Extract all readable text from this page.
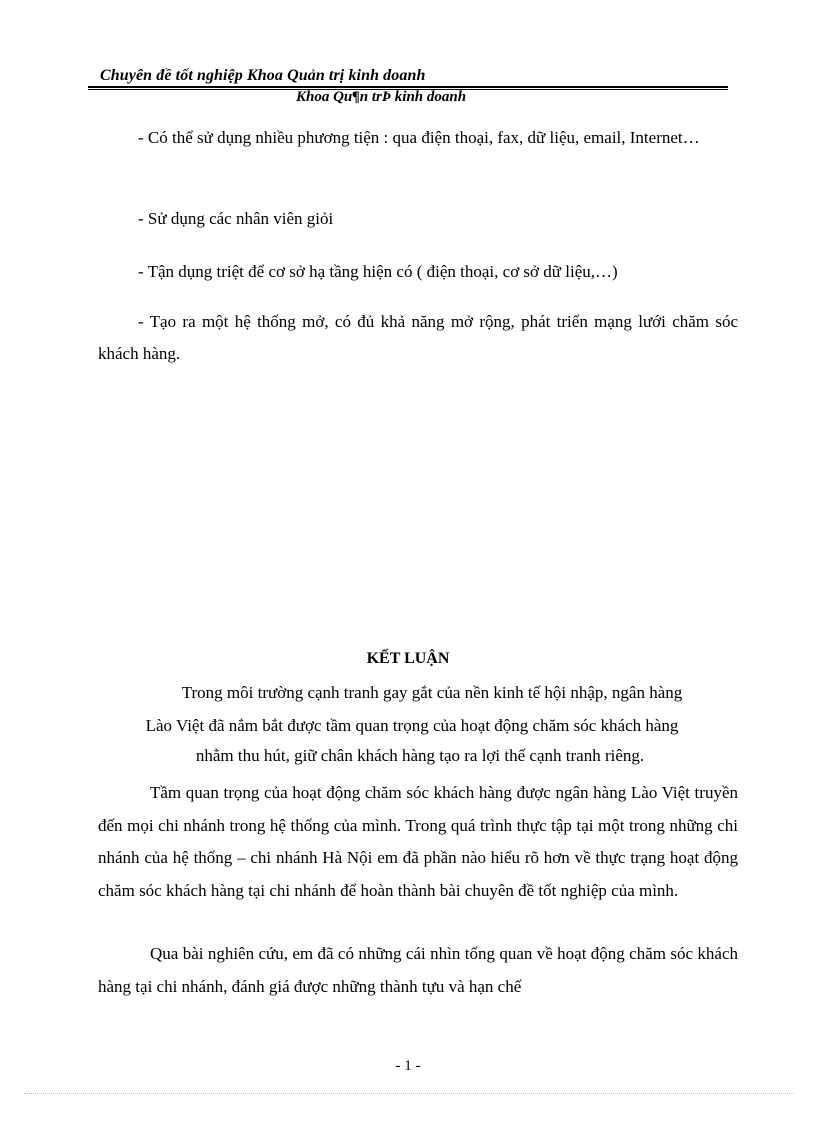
Chuyên đề tốt nghiệp Khoa Quản trị kinh doanh
Khoa Qu¶n trÞ kinh doanh

- Có thể sử dụng nhiều phương tiện : qua điện thoại, fax, dữ liệu, email, Internet…

- Sử dụng các nhân viên giỏi

- Tận dụng triệt để cơ sở hạ tầng hiện có ( điện thoại, cơ sở dữ liệu,…)

- Tạo ra một hệ thống mở, có đủ khả năng mở rộng, phát triển mạng lưới chăm sóc khách hàng.

KẾT LUẬN
Trong môi trường cạnh tranh gay gắt của nền kinh tế hội nhập, ngân hàng
Lào Việt đã nắm bắt được tầm quan trọng của hoạt động chăm sóc khách hàng
nhằm thu hút, giữ chân khách hàng tạo ra lợi thế cạnh tranh riêng.

Tầm quan trọng của hoạt động chăm sóc khách hàng được ngân hàng Lào Việt truyền đến mọi chi nhánh trong hệ thống của mình. Trong quá trình thực tập tại một trong những chi nhánh của hệ thống – chi nhánh Hà Nội em đã phần nào hiểu rõ hơn về thực trạng hoạt động chăm sóc khách hàng tại chi nhánh để hoàn thành bài chuyên đề tốt nghiệp của mình.

Qua bài nghiên cứu, em đã có những cái nhìn tổng quan về hoạt động chăm sóc khách hàng tại chi nhánh, đánh giá được những thành tựu và hạn chế

- 1 -
